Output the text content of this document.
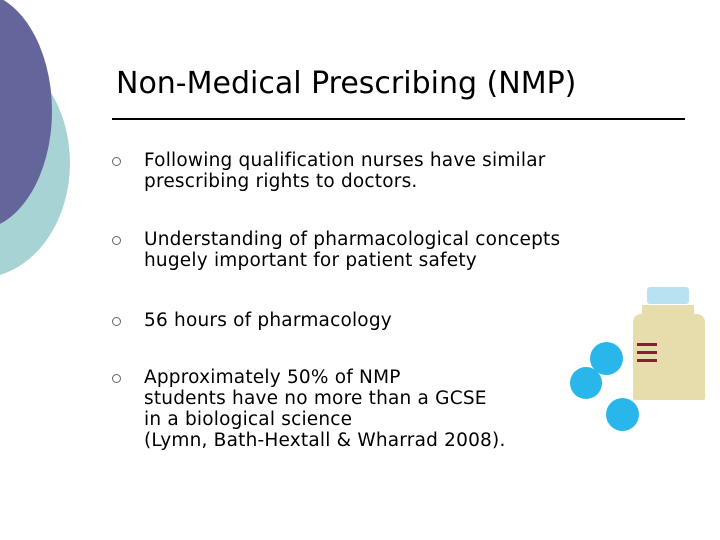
Non-Medical Prescribing (NMP)
Following qualification nurses have similar
prescribing rights to doctors.
Understanding of pharmacological concepts
hugely important for patient safety
56 hours of pharmacology
Approximately 50% of NMP
students have no more than a GCSE
in a biological science
(Lymn, Bath-Hextall & Wharrad 2008).
